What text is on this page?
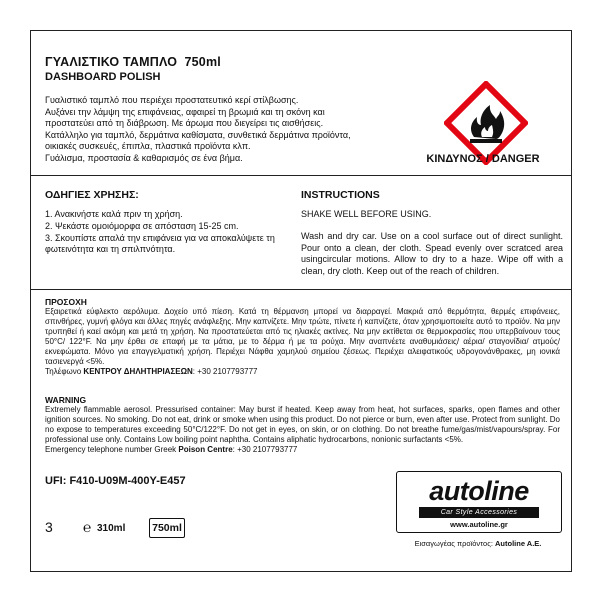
ΓΥΑΛΙΣΤΙΚΟ ΤΑΜΠΛΟ 750ml
DASHBOARD POLISH
Γυαλιστικό ταμπλό που περιέχει προστατευτικό κερί στίλβωσης.
Αυξάνει την λάμψη της επιφάνειας, αφαιρεί τη βρωμιά και τη σκόνη και
προστατεύει από τη διάβρωση. Με άρωμα που διεγείρει τις αισθήσεις.
Κατάλληλο για ταμπλό, δερμάτινα καθίσματα, συνθετικά δερμάτινα προϊόντα,
οικιακές συσκευές, έπιπλα, πλαστικά προϊόντα κλπ.
Γυάλισμα, προστασία & καθαρισμός σε ένα βήμα.	ΚΙΝΔΥΝΟΣ / DANGER
ΟΔΗΓΙΕΣ ΧΡΗΣΗΣ:
1. Ανακινήστε καλά πριν τη χρήση.
2. Ψεκάστε ομοιόμορφα σε απόσταση 15-25 cm.
3. Σκουπίστε απαλά την επιφάνεια για να αποκαλύψετε τη φωτεινότητα και τη σπιλπνότητα.
INSTRUCTIONS

SHAKE WELL BEFORE USING.

Wash and dry car. Use on a cool surface out of direct sunlight. Pour onto a clean, der cloth. Spead evenly over scratced area usingcircular motions. Allow to dry to a haze. Wipe off with a clean, dry cloth. Keep out of the reach of children.

ΠΡΟΣΟΧΗ
Εξαιρετικά εύφλεκτο αερόλυμα. Δοχείο υπό πίεση. Κατά τη θέρμανση μπορεί να διαρραγεί. Μακριά από θερμότητα, θερμές επιφάνειες, σπινθήρες, γυμνή φλόγα και άλλες πηγές ανάφλεξης. Μην καπνίζετε. Μην τρώτε, πίνετε ή καπνίζετε, όταν χρησιμοποιείτε αυτό το προϊόν. Να μην τρυπηθεί ή καεί ακόμη και μετά τη χρήση. Να προστατεύεται από τις ηλιακές ακτίνες. Να μην εκτίθεται σε θερμοκρασίες που υπερβαίνουν τους 50°C/ 122°F. Να μην έρθει σε επαφή με τα μάτια, με το δέρμα ή με τα ρούχα. Μην αναπνέετε αναθυμιάσεις/ αέρια/ σταγονίδια/ ατμούς/ εκνεφώματα. Μόνο για επαγγελματική χρήση. Περιέχει Νάφθα χαμηλού σημείου ζέσεως. Περιέχει αλειφατικούς υδρογονάνθρακες, μη ιονικά τασιενεργά <5%.
Τηλέφωνο ΚΕΝΤΡΟΥ ΔΗΛΗΤΗΡΙΑΣΕΩΝ: +30 2107793777
WARNING
Extremely flammable aerosol. Pressurised container: May burst if heated. Keep away from heat, hot surfaces, sparks, open flames and other ignition sources. No smoking. Do not eat, drink or smoke when using this product. Do not pierce or burn, even after use. Protect from sunlight. Do no expose to temperatures exceeding 50°C/122°F. Do not get in eyes, on skin, or on clothing. Do not breathe fume/gas/mist/vapours/spray. For professional use only. Contains Low boiling point naphtha. Contains aliphatic hydrocarbons, nonionic surfactants <5%.
Emergency telephone number Greek Poison Centre: +30 2107793777
UFI: F410-U09M-400Y-E457
3 ℮ 310ml	750ml
autoline
Car Style Accessories
www.autoline.gr
Εισαγωγέας προϊόντος: Autoline A.E.
